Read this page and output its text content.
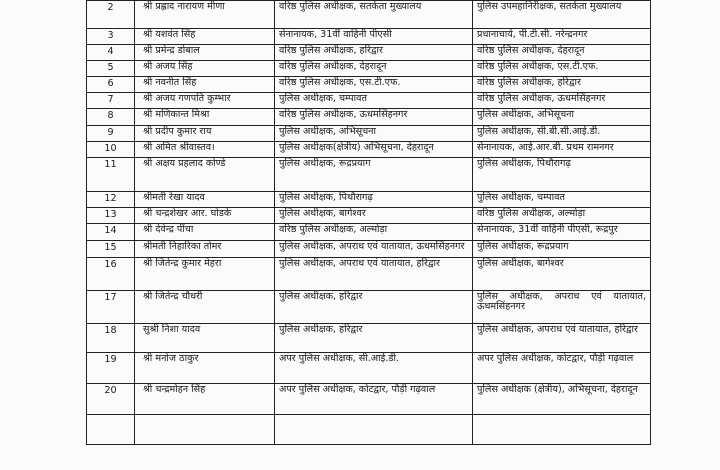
2	श्री प्रह्लाद नारायण मीणा	वरिष्ठ पुलिस अधीक्षक, सतर्कता मुख्यालय	पुलिस उपमहानिरीक्षक, सतर्कता मुख्यालय
3	श्री यशवंत सिंह	सेनानायक, 31वीं वाहिनी पीएसी	प्रधानाचार्य, पी.टी.सी. नरेन्द्रनगर
4	श्री प्रमेन्द्र डोबाल	वरिष्ठ पुलिस अधीक्षक, हरिद्वार	वरिष्ठ पुलिस अधीक्षक, देहरादून
5	श्री अजय सिंह	वरिष्ठ पुलिस अधीक्षक, देहरादून	वरिष्ठ पुलिस अधीक्षक, एस.टी.एफ.
6	श्री नवनीत सिंह	वरिष्ठ पुलिस अधीक्षक, एस.टी.एफ.	वरिष्ठ पुलिस अधीक्षक, हरिद्वार
7	श्री अजय गणपति कुम्भार	पुलिस अधीक्षक, चम्पावत	वरिष्ठ पुलिस अधीक्षक, ऊधमसिंहनगर
8	श्री मणिकान्त मिश्रा	वरिष्ठ पुलिस अधीक्षक, ऊधमसिंहनगर	पुलिस अधीक्षक, अभिसूचना
9	श्री प्रदीप कुमार राय	पुलिस अधीक्षक, अभिसूचना	पुलिस अधीक्षक, सी.बी.सी.आई.डी.
10	श्री अमित श्रीवास्तव।	पुलिस अधीक्षक(क्षेत्रीय) अभिसूचना, देहरादून	सेनानायक, आई.आर.बी. प्रथम रामनगर
11	श्री अक्षय प्रहलाद कोण्डे	पुलिस अधीक्षक, रूद्रप्रयाग	पुलिस अधीक्षक, पिथौरागढ़
12	श्रीमती रेखा यादव	पुलिस अधीक्षक, पिथौरागढ़	पुलिस अधीक्षक, चम्पावत
13	श्री चन्द्रशेखर आर. घोडके	पुलिस अधीक्षक, बागेश्वर	वरिष्ठ पुलिस अधीक्षक, अल्मोड़ा
14	श्री देवेन्द्र पींचा	वरिष्ठ पुलिस अधीक्षक, अल्मोड़ा	सेनानायक, 31वीं वाहिनी पीएसी, रूद्रपुर
15	श्रीमती निहारिका तोमर	पुलिस अधीक्षक, अपराध एवं यातायात, ऊधमसिंहनगर	पुलिस अधीक्षक, रूद्रप्रयाग
16	श्री जितेन्द्र कुमार मेहरा	पुलिस अधीक्षक, अपराध एवं यातायात, हरिद्वार	पुलिस अधीक्षक, बागेश्वर
17	श्री जितेन्द्र चौधरी	पुलिस अधीक्षक, हरिद्वार	पुलिस अधीक्षक, अपराध एवं यातायात, ऊधमसिंहनगर
18	सुश्री निशा यादव	पुलिस अधीक्षक, हरिद्वार	पुलिस अधीक्षक, अपराध एवं यातायात, हरिद्वार
19	श्री मनोज ठाकुर	अपर पुलिस अधीक्षक, सी.आई.डी.	अपर पुलिस अधीक्षक, कोटद्वार, पौड़ी गढ़वाल
20	श्री चन्द्रमोहन सिंह	अपर पुलिस अधीक्षक, कोटद्वार, पौड़ी गढ़वाल	पुलिस अधीक्षक (क्षेत्रीय), अभिसूचना, देहरादून
